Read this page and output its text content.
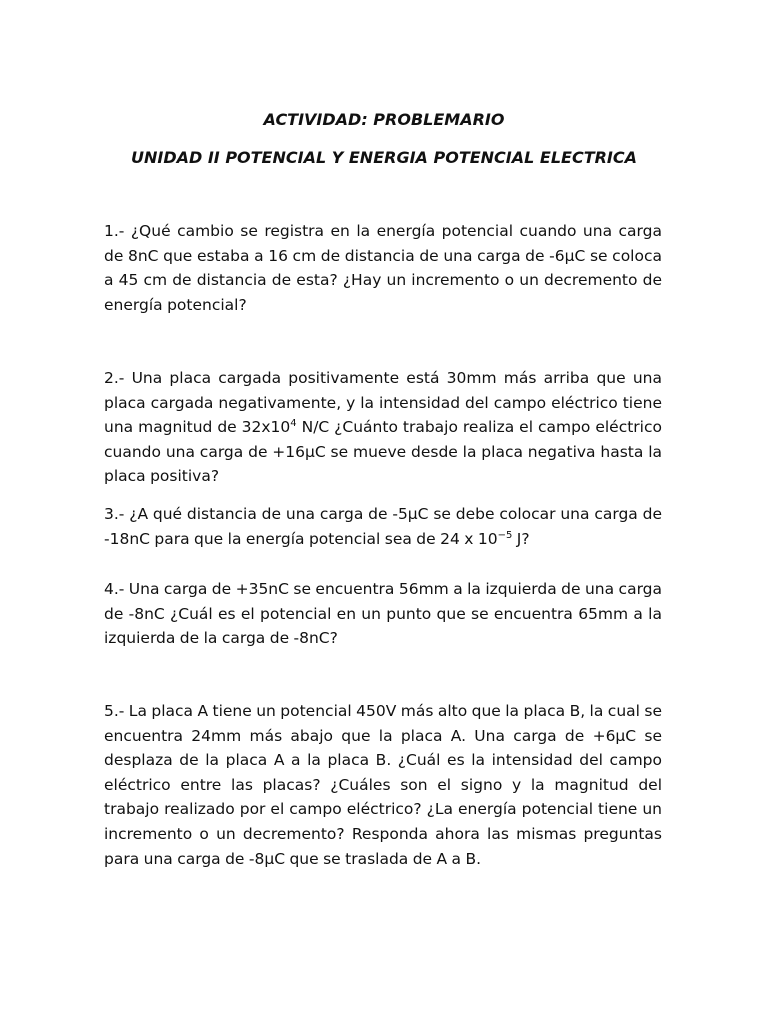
ACTIVIDAD: PROBLEMARIO
UNIDAD II POTENCIAL Y ENERGIA POTENCIAL ELECTRICA
1.- ¿Qué cambio se registra en la energía potencial cuando una carga de 8nC que estaba a 16 cm de distancia de una carga de -6μC se coloca a 45 cm de distancia de esta? ¿Hay un incremento o un decremento de energía potencial?
2.- Una placa cargada positivamente está 30mm más arriba que una placa cargada negativamente, y la intensidad del campo eléctrico tiene una magnitud de $32x10^4$ N/C ¿Cuánto trabajo realiza el campo eléctrico cuando una carga de +16μC se mueve desde la placa negativa hasta la placa positiva?
3.- ¿A qué distancia de una carga de -5μC se debe colocar una carga de -18nC para que la energía potencial sea de 24 x $10^{-5}$ J?
4.- Una carga de +35nC se encuentra 56mm a la izquierda de una carga de -8nC ¿Cuál es el potencial en un punto que se encuentra 65mm a la izquierda de la carga de -8nC?
5.- La placa A tiene un potencial 450V más alto que la placa B, la cual se encuentra 24mm más abajo que la placa A. Una carga de +6μC se desplaza de la placa A a la placa B. ¿Cuál es la intensidad del campo eléctrico entre las placas? ¿Cuáles son el signo y la magnitud del trabajo realizado por el campo eléctrico? ¿La energía potencial tiene un incremento o un decremento? Responda ahora las mismas preguntas para una carga de -8μC que se traslada de A a B.
